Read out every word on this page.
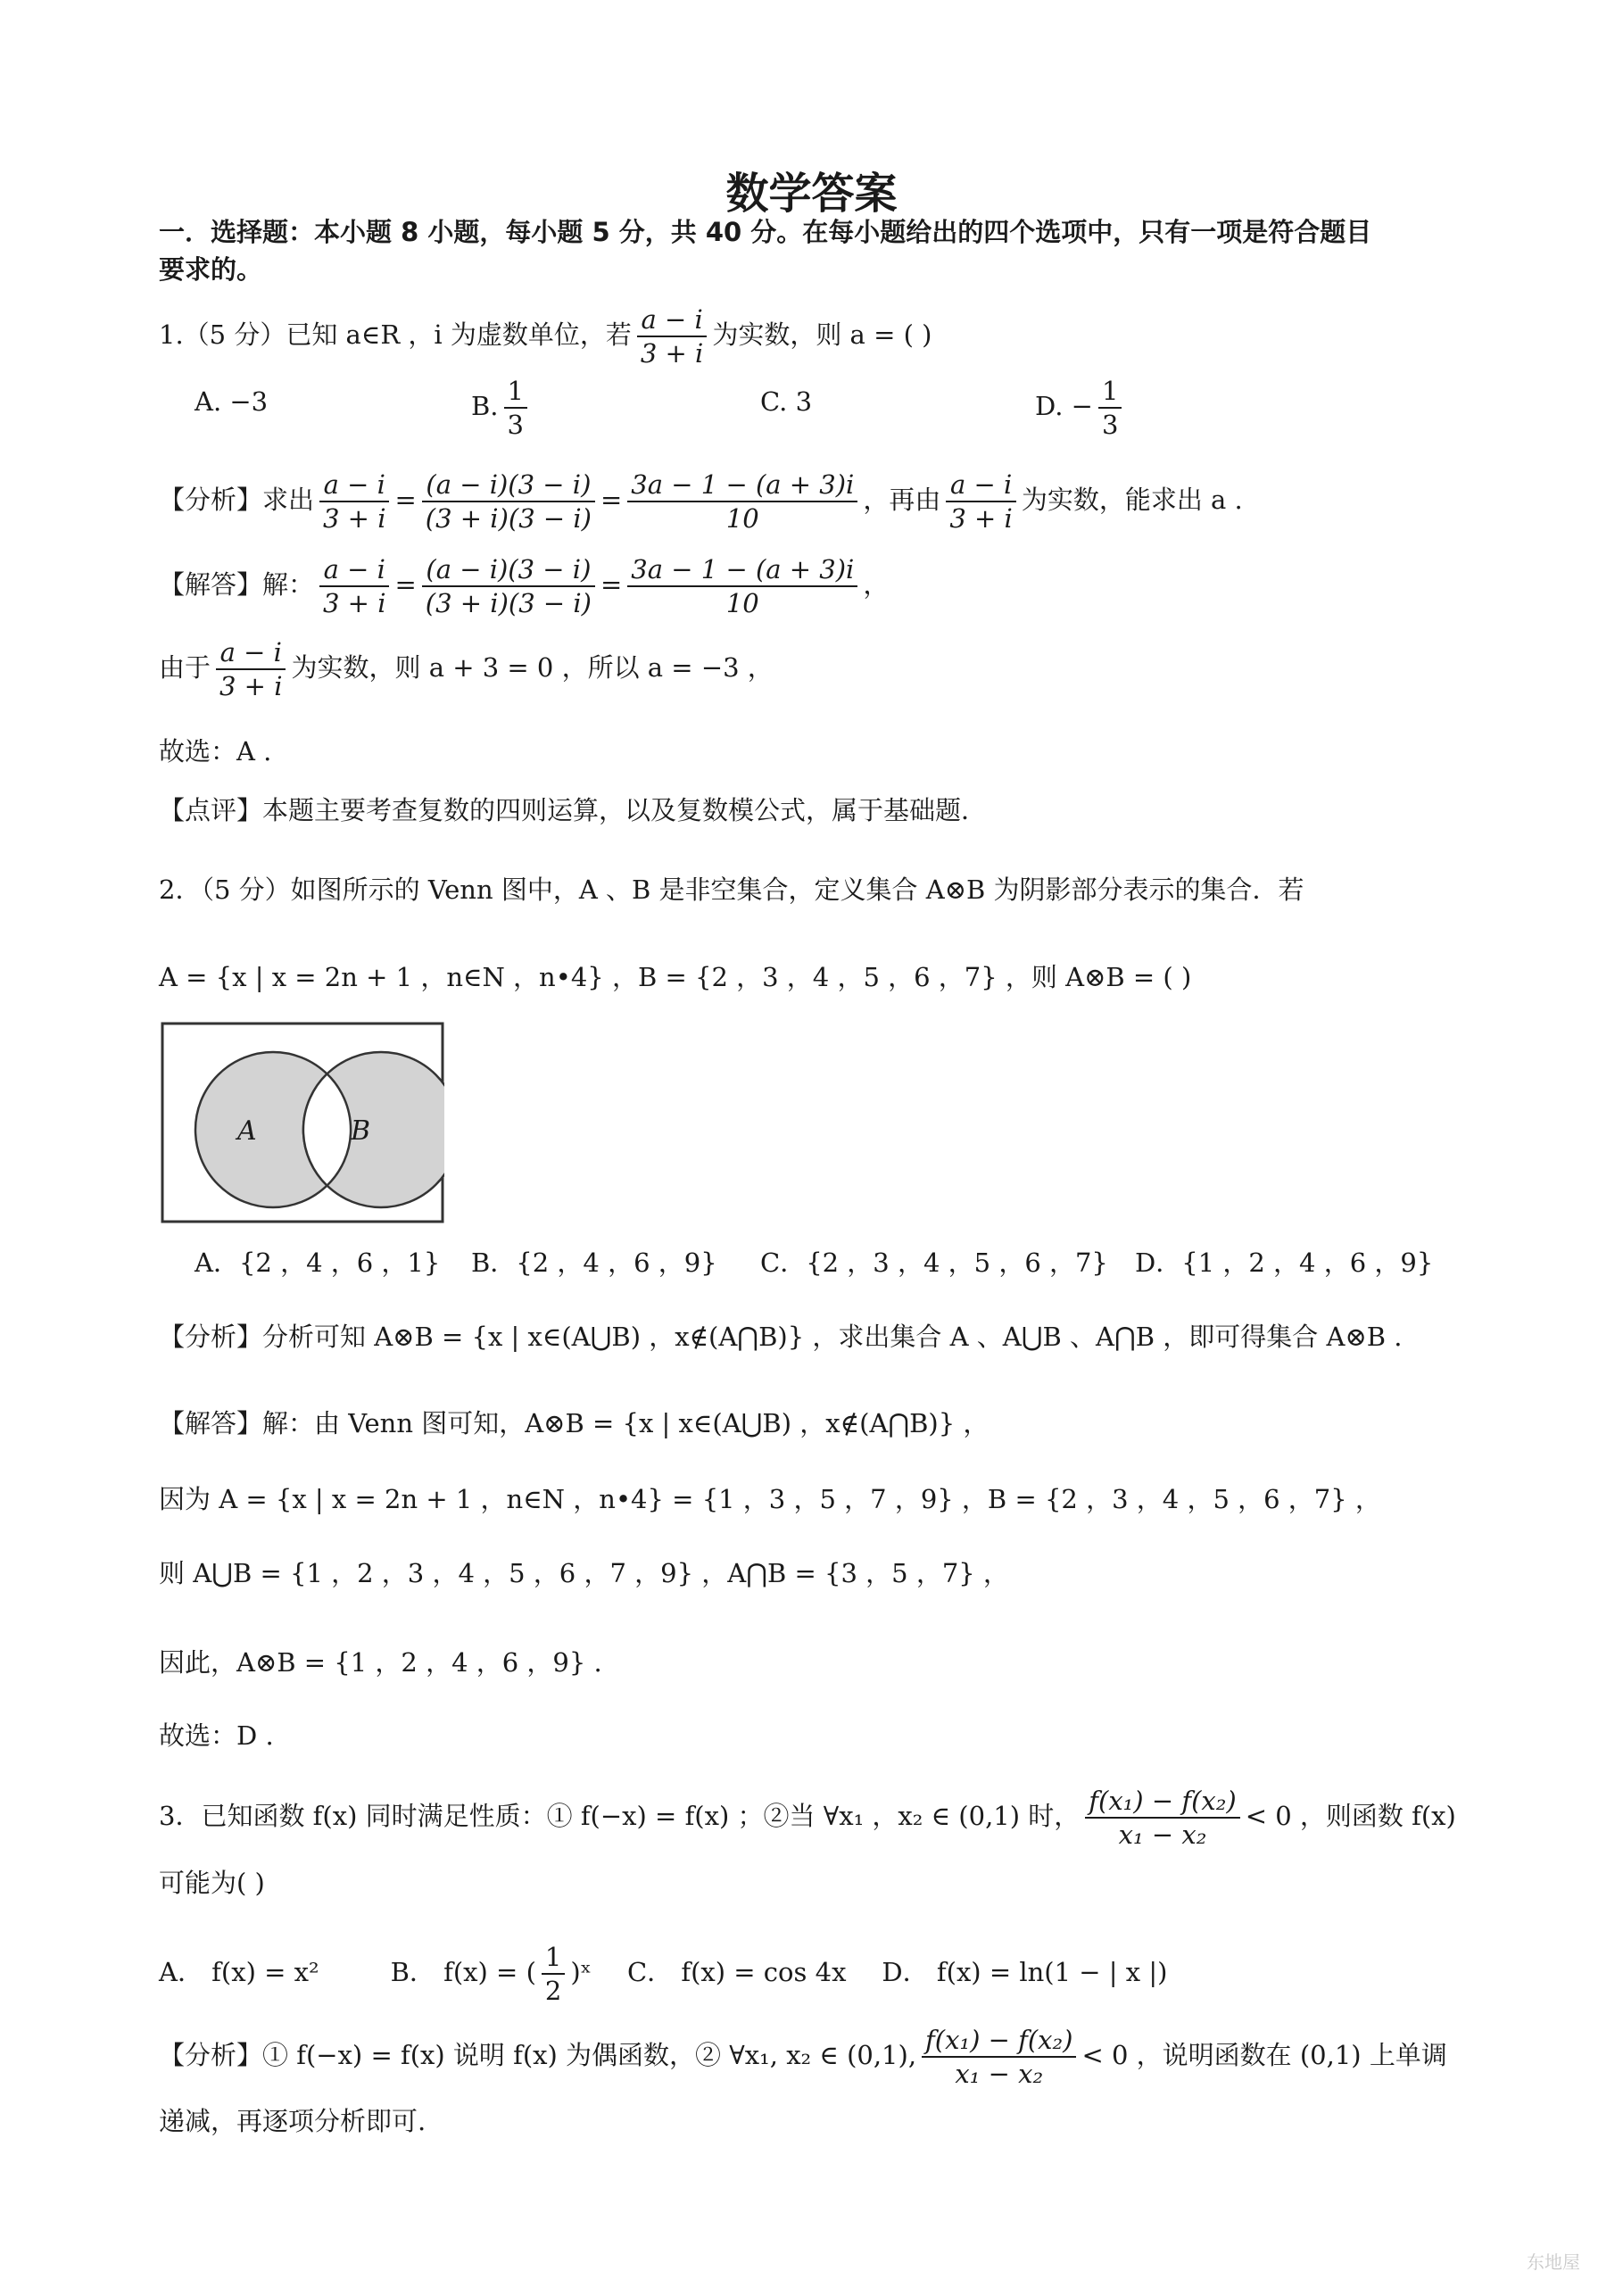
数学答案
一．选择题：本小题 8 小题，每小题 5 分，共 40 分。在每小题给出的四个选项中，只有一项是符合题目
要求的。
1.（5 分）已知 a∈R ，i 为虚数单位，若 $\frac{a - i}{3 + i}$ 为实数，则 a = ( )
A. −3	B. $\frac{1}{3}$	C. 3	D. − $\frac{1}{3}$
【分析】求出 $\frac{a - i}{3 + i} = \frac{(a - i)(3 - i)}{(3 + i)(3 - i)} = \frac{3a - 1 - (a + 3)i}{10}$ ，再由 $\frac{a - i}{3 + i}$ 为实数，能求出 a .
【解答】解： $\frac{a - i}{3 + i} = \frac{(a - i)(3 - i)}{(3 + i)(3 - i)} = \frac{3a - 1 - (a + 3)i}{10}$ ，
由于 $\frac{a - i}{3 + i}$ 为实数，则 a + 3 = 0 ，所以 a = −3 ，
故选：A .
【点评】本题主要考查复数的四则运算，以及复数模公式，属于基础题．
2．（5 分）如图所示的 Venn 图中，A 、B 是非空集合，定义集合 A⊗B 为阴影部分表示的集合．若
A = {x | x = 2n + 1 ，n∈N ，n•4} ，B = {2 ，3 ，4 ，5 ，6 ，7} ，则 A⊗B = ( )
A	B
A．{2 ，4 ，6 ，1} B．{2 ，4 ，6 ，9} C．{2 ，3 ，4 ，5 ，6 ，7} D．{1 ，2 ，4 ，6 ，9}
【分析】分析可知 A⊗B = {x | x∈(A⋃B) ，x∉(A⋂B)} ，求出集合 A 、A⋃B 、A⋂B ，即可得集合 A⊗B .
【解答】解：由 Venn 图可知，A⊗B = {x | x∈(A⋃B) ，x∉(A⋂B)} ，
因为 A = {x | x = 2n + 1 ，n∈N ，n•4} = {1 ，3 ，5 ，7 ，9} ，B = {2 ，3 ，4 ，5 ，6 ，7} ，
则 A⋃B = {1 ，2 ，3 ，4 ，5 ，6 ，7 ，9} ，A⋂B = {3 ，5 ，7} ，
因此，A⊗B = {1 ，2 ，4 ，6 ，9} .
故选：D .
3．已知函数 f(x) 同时满足性质：① f(−x) = f(x) ；②当 ∀x₁ ，x₂ ∈ (0,1) 时， $\frac{\text{f(x₁) − f(x₂)}}{\text{x₁ − x₂}} < 0$ ，则函数 f(x)
可能为( )
A． f(x) = x²	B． f(x) = ( $\frac{1}{2}$ )ˣ C． f(x) = cos 4x D． f(x) = ln(1 − | x |)
【分析】① f(−x) = f(x) 说明 f(x) 为偶函数，② ∀x₁, x₂ ∈ (0,1), $\frac{\text{f(x₁) − f(x₂)}}{\text{x₁ − x₂}} < 0$ ，说明函数在 (0,1) 上单调
递减，再逐项分析即可.
东地屋
